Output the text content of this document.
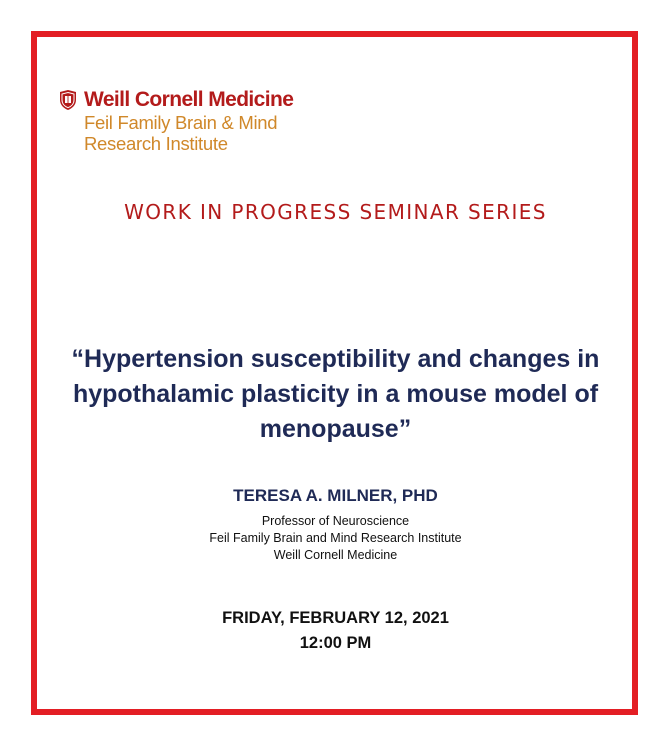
Weill Cornell Medicine
Feil Family Brain & Mind
Research Institute
WORK IN PROGRESS SEMINAR SERIES
“Hypertension susceptibility and changes in hypothalamic plasticity in a mouse model of menopause”
TERESA A. MILNER, PHD
Professor of Neuroscience
Feil Family Brain and Mind Research Institute
Weill Cornell Medicine
FRIDAY, FEBRUARY 12, 2021
12:00 PM
